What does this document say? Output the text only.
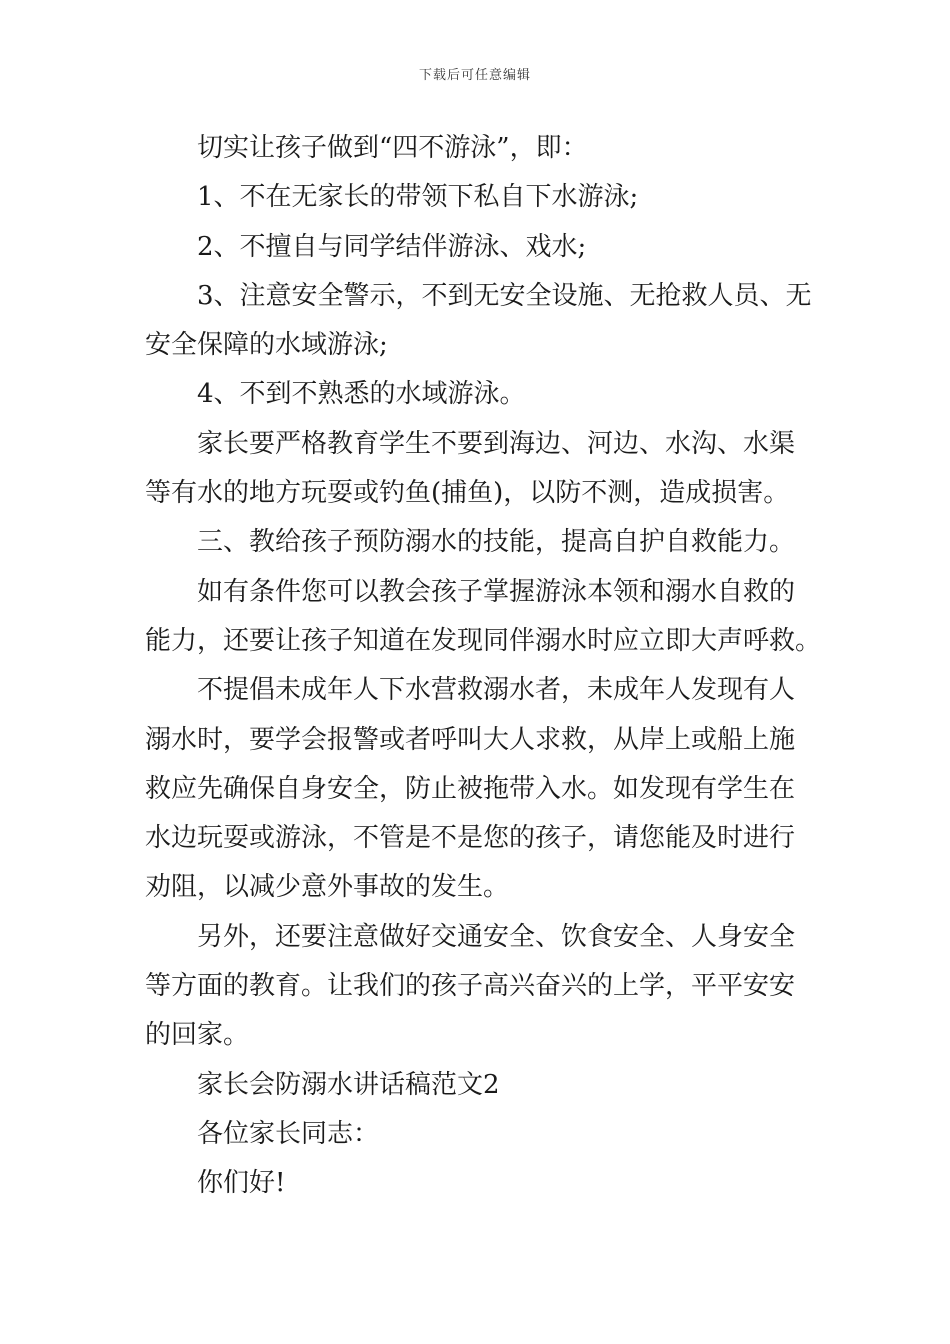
下载后可任意编辑
切实让孩子做到“四不游泳”，即：
1、不在无家长的带领下私自下水游泳;
2、不擅自与同学结伴游泳、戏水;
3、注意安全警示，不到无安全设施、无抢救人员、无
安全保障的水域游泳;
4、不到不熟悉的水域游泳。
家长要严格教育学生不要到海边、河边、水沟、水渠
等有水的地方玩耍或钓鱼(捕鱼)，以防不测，造成损害。
三、教给孩子预防溺水的技能，提高自护自救能力。
如有条件您可以教会孩子掌握游泳本领和溺水自救的
能力，还要让孩子知道在发现同伴溺水时应立即大声呼救。
不提倡未成年人下水营救溺水者，未成年人发现有人
溺水时，要学会报警或者呼叫大人求救，从岸上或船上施
救应先确保自身安全，防止被拖带入水。如发现有学生在
水边玩耍或游泳，不管是不是您的孩子，请您能及时进行
劝阻，以减少意外事故的发生。
另外，还要注意做好交通安全、饮食安全、人身安全
等方面的教育。让我们的孩子高兴奋兴的上学，平平安安
的回家。
家长会防溺水讲话稿范文2
各位家长同志：
你们好!
